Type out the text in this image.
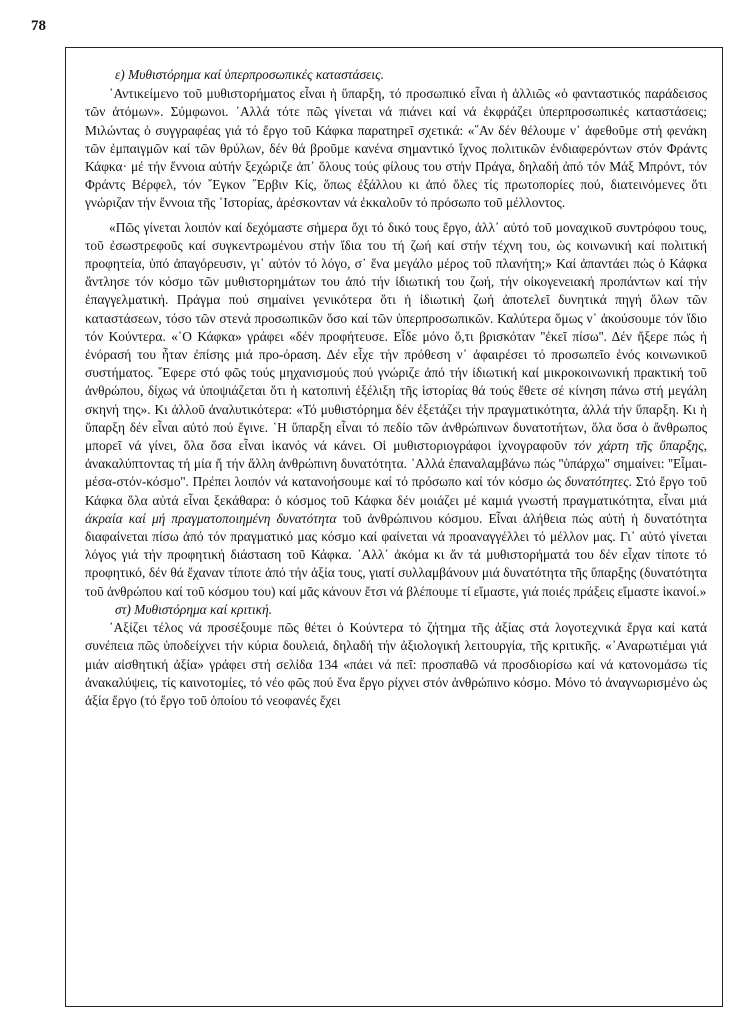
78

ε) Μυθιστόρημα καί ὑπερπροσωπικές καταστάσεις.

᾿Αντικείμενο τοῦ μυθιστορήματος εἶναι ἡ ὕπαρξη, τό προσωπικό εἶναι ἡ ἀλλιῶς «ὁ φανταστικός παράδεισος τῶν ἀτόμων». Σύμφωνοι. ᾿Αλλά τότε πῶς γίνεται νά πιάνει καί νά ἐκφράζει ὑπερπροσωπικές καταστάσεις; Μιλώντας ὁ συγγραφέας γιά τό ἔργο τοῦ Κάφκα παρατηρεῖ σχετικά: «῞Αν δέν θέλουμε ν᾿ ἀφεθοῦμε στή φενάκη τῶν ἐμπαιγμῶν καί τῶν θρύλων, δέν θά βροῦμε κανένα σημαντικό ἴχνος πολιτικῶν ἐνδιαφερόντων στόν Φράντς Κάφκα· μέ τήν ἔννοια αὐτήν ξεχώριζε ἀπ᾿ ὅλους τούς φίλους του στήν Πράγα, δηλαδή ἀπό τόν Μάξ Μπρόντ, τόν Φράντς Βέρφελ, τόν ῎Εγκον ῎Ερβιν Κίς, ὅπως ἐξάλλου κι ἀπό ὅλες τίς πρωτοπορίες πού, διατεινόμενες ὅτι γνώριζαν τήν ἔννοια τῆς ῾Ιστορίας, ἀρέσκονταν νά ἐκκαλοῦν τό πρόσωπο τοῦ μέλλοντος.

«Πῶς γίνεται λοιπόν καί δεχόμαστε σήμερα ὄχι τό δικό τους ἔργο, ἀλλ᾿ αὐτό τοῦ μοναχικοῦ συντρόφου τους, τοῦ ἐσωστρεφοῦς καί συγκεντρωμένου στήν ἴδια του τή ζωή καί στήν τέχνη του, ὡς κοινωνική καί πολιτική προφητεία, ὑπό ἀπαγόρευσιν, γι᾿ αὐτόν τό λόγο, σ᾿ ἕνα μεγάλο μέρος τοῦ πλανήτη;» Καί ἀπαντάει πώς ὁ Κάφκα ἄντλησε τόν κόσμο τῶν μυθιστορημάτων του ἀπό τήν ἰδιωτική του ζωή, τήν οἰκογενειακή προπάντων καί τήν ἐπαγγελματική. Πράγμα πού σημαίνει γενικότερα ὅτι ἡ ἰδιωτική ζωή ἀποτελεῖ δυνητικά πηγή ὅλων τῶν καταστάσεων, τόσο τῶν στενά προσωπικῶν ὅσο καί τῶν ὑπερπροσωπικῶν. Καλύτερα ὅμως ν᾿ ἀκούσουμε τόν ἴδιο τόν Κούντερα. «῾Ο Κάφκα» γράφει «δέν προφήτευσε. Εἶδε μόνο ὅ,τι βρισκόταν ''ἐκεῖ πίσω''. Δέν ἤξερε πώς ἡ ἐνόρασή του ἦταν ἐπίσης μιά προ-όραση. Δέν εἶχε τήν πρόθεση ν᾿ ἀφαιρέσει τό προσωπεῖο ἑνός κοινωνικοῦ συστήματος. ῎Εφερε στό φῶς τούς μηχανισμούς πού γνώριζε ἀπό τήν ἰδιωτική καί μικροκοινωνική πρακτική τοῦ ἀνθρώπου, δίχως νά ὑποψιάζεται ὅτι ἡ κατοπινή ἐξέλιξη τῆς ἱστορίας θά τούς ἔθετε σέ κίνηση πάνω στή μεγάλη σκηνή της». Κι ἀλλοῦ ἀναλυτικότερα: «Τό μυθιστόρημα δέν ἐξετάζει τήν πραγματικότητα, ἀλλά τήν ὕπαρξη. Κι ἡ ὕπαρξη δέν εἶναι αὐτό πού ἔγινε. ῾Η ὕπαρξη εἶναι τό πεδίο τῶν ἀνθρώπινων δυνατοτήτων, ὅλα ὅσα ὁ ἄνθρωπος μπορεῖ νά γίνει, ὅλα ὅσα εἶναι ἱκανός νά κάνει. Οἱ μυθιστοριογράφοι ἰχνογραφοῦν τόν χάρτη τῆς ὕπαρξης, ἀνακαλύπτοντας τή μία ἤ τήν ἄλλη ἀνθρώπινη δυνατότητα. ᾿Αλλά ἐπαναλαμβάνω πώς ''ὑπάρχω'' σημαίνει: ''Εἶμαι-μέσα-στόν-κόσμο''. Πρέπει λοιπόν νά κατανοήσουμε καί τό πρόσωπο καί τόν κόσμο ὡς δυνατότητες. Στό ἔργο τοῦ Κάφκα ὅλα αὐτά εἶναι ξεκάθαρα: ὁ κόσμος τοῦ Κάφκα δέν μοιάζει μέ καμιά γνωστή πραγματικότητα, εἶναι μιά ἀκραία καί μή πραγματοποιημένη δυνατότητα τοῦ ἀνθρώπινου κόσμου. Εἶναι ἀλήθεια πώς αὐτή ἡ δυνατότητα διαφαίνεται πίσω ἀπό τόν πραγματικό μας κόσμο καί φαίνεται νά προαναγγέλλει τό μέλλον μας. Γι᾿ αὐτό γίνεται λόγος γιά τήν προφητική διάσταση τοῦ Κάφκα. ᾿Αλλ᾿ ἀκόμα κι ἄν τά μυθιστορήματά του δέν εἶχαν τίποτε τό προφητικό, δέν θά ἔχαναν τίποτε ἀπό τήν ἀξία τους, γιατί συλλαμβάνουν μιά δυνατότητα τῆς ὕπαρξης (δυνατότητα τοῦ ἀνθρώπου καί τοῦ κόσμου του) καί μᾶς κάνουν ἔτσι νά βλέπουμε τί εἴμαστε, γιά ποιές πράξεις εἴμαστε ἱκανοί.»

στ) Μυθιστόρημα καί κριτική.

᾿Αξίζει τέλος νά προσέξουμε πῶς θέτει ὁ Κούντερα τό ζήτημα τῆς ἀξίας στά λογοτεχνικά ἔργα καί κατά συνέπεια πῶς ὑποδείχνει τήν κύρια δουλειά, δηλαδή τήν ἀξιολογική λειτουργία, τῆς κριτικῆς. «᾿Αναρωτιέμαι γιά μιάν αἰσθητική ἀξία» γράφει στή σελίδα 134 «πάει νά πεῖ: προσπαθῶ νά προσδιορίσω καί νά κατονομάσω τίς ἀνακαλύψεις, τίς καινοτομίες, τό νέο φῶς πού ἕνα ἔργο ρίχνει στόν ἀνθρώπινο κόσμο. Μόνο τό ἀναγνωρισμένο ὡς ἀξία ἔργο (τό ἔργο τοῦ ὁποίου τό νεοφανές ἔχει
